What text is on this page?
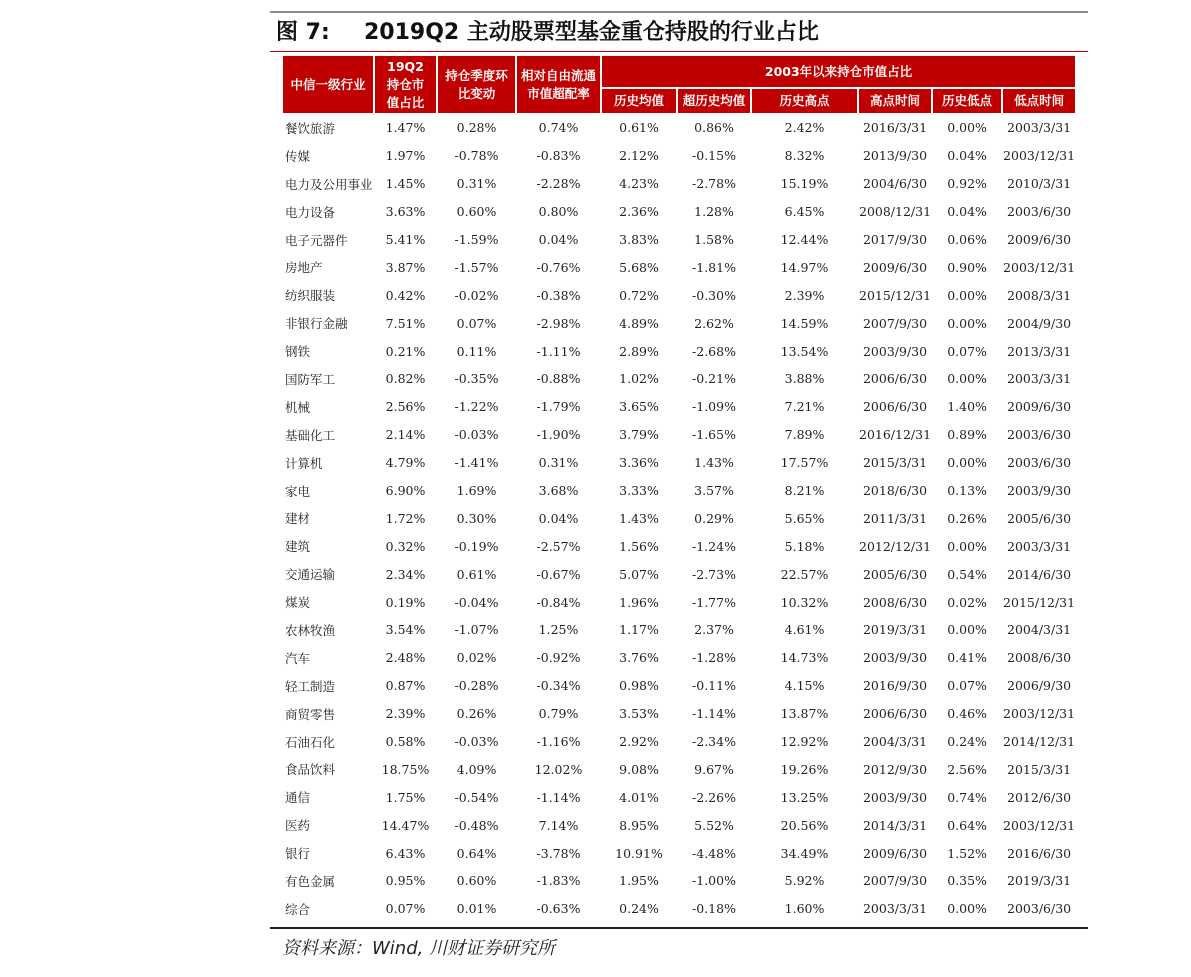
图 7: 2019Q2 主动股票型基金重仓持股的行业占比
中信一级行业	19Q2持仓市值占比	持仓季度环比变动	相对自由流通市值超配率	2003年以来持仓市值占比					
				历史均值	超历史均值	历史高点	高点时间	历史低点	低点时间
餐饮旅游	1.47%	0.28%	0.74%	0.61%	0.86%	2.42%	2016/3/31	0.00%	2003/3/31
传媒	1.97%	-0.78%	-0.83%	2.12%	-0.15%	8.32%	2013/9/30	0.04%	2003/12/31
电力及公用事业	1.45%	0.31%	-2.28%	4.23%	-2.78%	15.19%	2004/6/30	0.92%	2010/3/31
电力设备	3.63%	0.60%	0.80%	2.36%	1.28%	6.45%	2008/12/31	0.04%	2003/6/30
电子元器件	5.41%	-1.59%	0.04%	3.83%	1.58%	12.44%	2017/9/30	0.06%	2009/6/30
房地产	3.87%	-1.57%	-0.76%	5.68%	-1.81%	14.97%	2009/6/30	0.90%	2003/12/31
纺织服装	0.42%	-0.02%	-0.38%	0.72%	-0.30%	2.39%	2015/12/31	0.00%	2008/3/31
非银行金融	7.51%	0.07%	-2.98%	4.89%	2.62%	14.59%	2007/9/30	0.00%	2004/9/30
钢铁	0.21%	0.11%	-1.11%	2.89%	-2.68%	13.54%	2003/9/30	0.07%	2013/3/31
国防军工	0.82%	-0.35%	-0.88%	1.02%	-0.21%	3.88%	2006/6/30	0.00%	2003/3/31
机械	2.56%	-1.22%	-1.79%	3.65%	-1.09%	7.21%	2006/6/30	1.40%	2009/6/30
基础化工	2.14%	-0.03%	-1.90%	3.79%	-1.65%	7.89%	2016/12/31	0.89%	2003/6/30
计算机	4.79%	-1.41%	0.31%	3.36%	1.43%	17.57%	2015/3/31	0.00%	2003/6/30
家电	6.90%	1.69%	3.68%	3.33%	3.57%	8.21%	2018/6/30	0.13%	2003/9/30
建材	1.72%	0.30%	0.04%	1.43%	0.29%	5.65%	2011/3/31	0.26%	2005/6/30
建筑	0.32%	-0.19%	-2.57%	1.56%	-1.24%	5.18%	2012/12/31	0.00%	2003/3/31
交通运输	2.34%	0.61%	-0.67%	5.07%	-2.73%	22.57%	2005/6/30	0.54%	2014/6/30
煤炭	0.19%	-0.04%	-0.84%	1.96%	-1.77%	10.32%	2008/6/30	0.02%	2015/12/31
农林牧渔	3.54%	-1.07%	1.25%	1.17%	2.37%	4.61%	2019/3/31	0.00%	2004/3/31
汽车	2.48%	0.02%	-0.92%	3.76%	-1.28%	14.73%	2003/9/30	0.41%	2008/6/30
轻工制造	0.87%	-0.28%	-0.34%	0.98%	-0.11%	4.15%	2016/9/30	0.07%	2006/9/30
商贸零售	2.39%	0.26%	0.79%	3.53%	-1.14%	13.87%	2006/6/30	0.46%	2003/12/31
石油石化	0.58%	-0.03%	-1.16%	2.92%	-2.34%	12.92%	2004/3/31	0.24%	2014/12/31
食品饮料	18.75%	4.09%	12.02%	9.08%	9.67%	19.26%	2012/9/30	2.56%	2015/3/31
通信	1.75%	-0.54%	-1.14%	4.01%	-2.26%	13.25%	2003/9/30	0.74%	2012/6/30
医药	14.47%	-0.48%	7.14%	8.95%	5.52%	20.56%	2014/3/31	0.64%	2003/12/31
银行	6.43%	0.64%	-3.78%	10.91%	-4.48%	34.49%	2009/6/30	1.52%	2016/6/30
有色金属	0.95%	0.60%	-1.83%	1.95%	-1.00%	5.92%	2007/9/30	0.35%	2019/3/31
综合	0.07%	0.01%	-0.63%	0.24%	-0.18%	1.60%	2003/3/31	0.00%	2003/6/30
资料来源：Wind, 川财证券研究所
